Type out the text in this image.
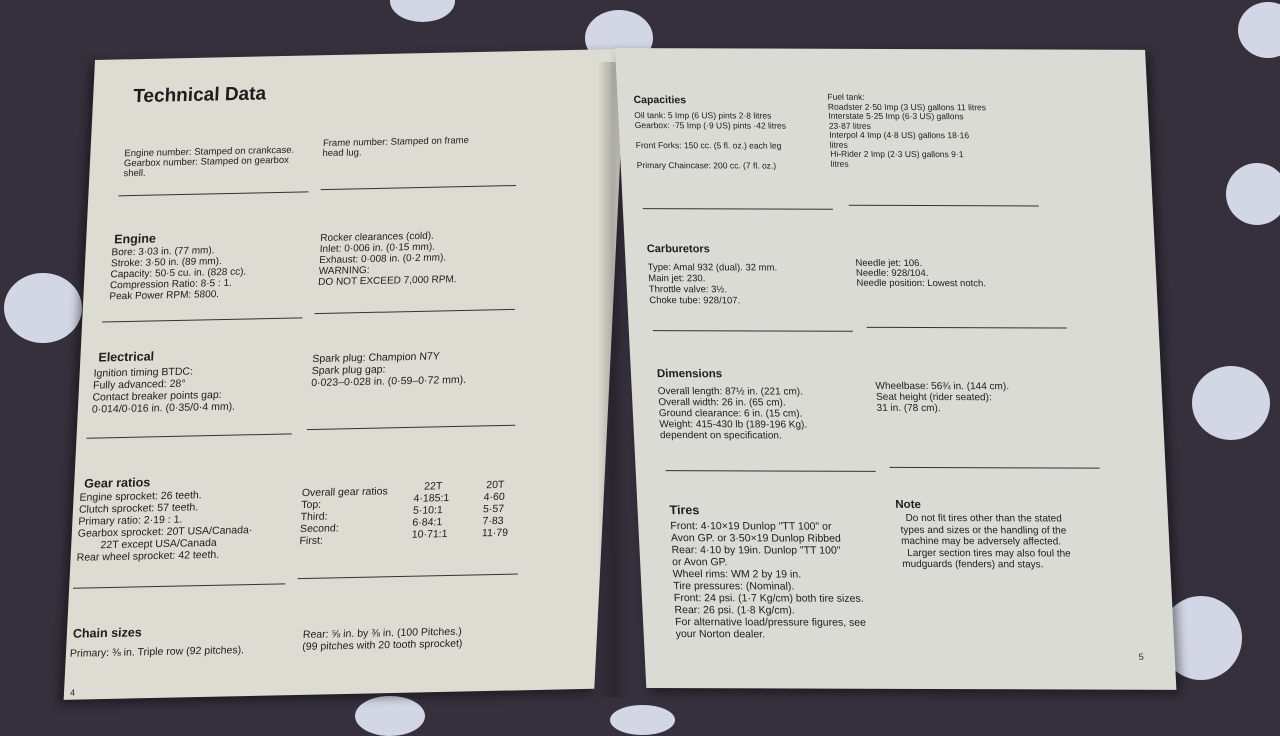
Technical Data
Engine number: Stamped on crankcase.
Gearbox number: Stamped on gearbox
shell.
Frame number: Stamped on frame
head lug.
Engine
Bore: 3·03 in. (77 mm).
Stroke: 3·50 in. (89 mm).
Capacity: 50·5 cu. in. (828 cc).
Compression Ratio: 8·5 : 1.
Peak Power RPM: 5800.
Rocker clearances (cold).
Inlet: 0·006 in. (0·15 mm).
Exhaust: 0·008 in. (0·2 mm).
WARNING:
DO NOT EXCEED 7,000 RPM.
Electrical
Ignition timing BTDC:
Fully advanced: 28°
Contact breaker points gap:
0·014/0·016 in. (0·35/0·4 mm).
Spark plug: Champion N7Y
Spark plug gap:
0·023–0·028 in. (0·59–0·72 mm).
Gear ratios
Engine sprocket: 26 teeth.
Clutch sprocket: 57 teeth.
Primary ratio: 2·19 : 1.
Gearbox sprocket: 20T USA/Canada·
22T except USA/Canada
Rear wheel sprocket: 42 teeth.
Overall gear ratios	22T	20T
Top:
Third:
Second:
First:
4·185:1
5·10:1
6·84:1
10·71:1
4·60
5·57
7·83
11·79
Chain sizes
Primary: ⅜ in. Triple row (92 pitches).
Rear: ⅝ in. by ⅜ in. (100 Pitches.)
(99 pitches with 20 tooth sprocket)
4
Capacities
Oil tank: 5 Imp (6 US) pints 2·8 litres
Gearbox: ·75 Imp (·9 US) pints ·42 litres

Front Forks: 150 cc. (5 fl. oz.) each leg

Primary Chaincase: 200 cc. (7 fl. oz.)
Fuel tank:
Roadster 2·50 Imp (3 US) gallons 11 litres
Interstate 5·25 Imp (6·3 US) gallons
23·87 litres
Interpol 4 Imp (4·8 US) gallons 18·16
litres
Hi-Rider 2 Imp (2·3 US) gallons 9·1
litres
Carburetors
Type: Amal 932 (dual). 32 mm.
Main jet: 230.
Throttle valve: 3½.
Choke tube: 928/107.
Needle jet: 106.
Needle: 928/104.
Needle position: Lowest notch.
Dimensions
Overall length: 87½ in. (221 cm).
Overall width: 26 in. (65 cm).
Ground clearance: 6 in. (15 cm).
Weight: 415-430 lb (189-196 Kg).
dependent on specification.
Wheelbase: 56¾ in. (144 cm).
Seat height (rider seated):
31 in. (78 cm).
Tires
Front: 4·10×19 Dunlop "TT 100" or
Avon GP. or 3·50×19 Dunlop Ribbed
Rear: 4·10 by 19in. Dunlop "TT 100"
or Avon GP.
Wheel rims: WM 2 by 19 in.
Tire pressures: (Nominal).
Front: 24 psi. (1·7 Kg/cm) both tire sizes.
Rear: 26 psi. (1·8 Kg/cm).
For alternative load/pressure figures, see
your Norton dealer.
Note
Do not fit tires other than the stated
types and sizes or the handling of the
machine may be adversely affected.
Larger section tires may also foul the
mudguards (fenders) and stays.
5
